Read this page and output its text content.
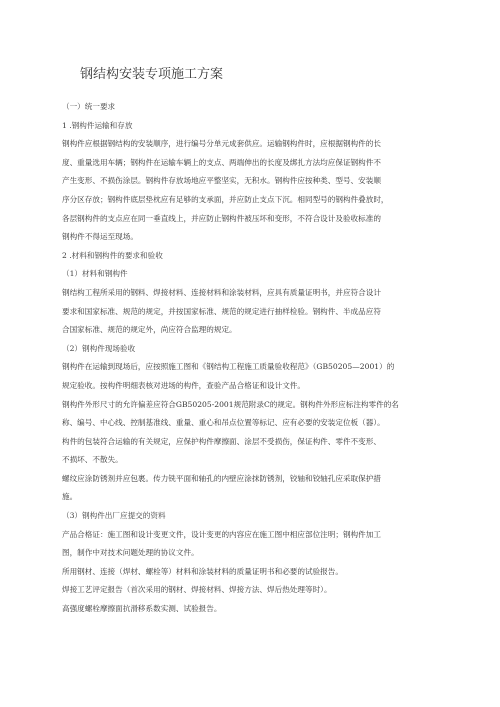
钢结构安装专项施工方案
（一）统一要求
1 .钢构件运输和存放
钢构件应根据钢结构的安装顺序，进行编号分单元成套供应。运输钢构件时，应根据钢构件的长
度、重量选用车辆；钢构件在运输车辆上的支点、两端伸出的长度及绑扎方法均应保证钢构件不
产生变形、不损伤涂层。钢构件存放场地应平整坚实，无积水。钢构件应按种类、型号、安装顺
序分区存放；钢构件底层垫枕应有足够的支承面，并应防止支点下沉。相同型号的钢构件叠放时，
各层钢构件的支点应在同一垂直线上，并应防止钢构件被压坏和变形，不符合设计及验收标准的
钢构件不得运至现场。
2 .材料和钢构件的要求和验收
（1）材料和钢构件
钢结构工程所采用的钢料、焊接材料、连接材料和涂装材料，应具有质量证明书，并应符合设计
要求和国家标准、规范的规定，并按国家标准、规范的规定进行抽样检验。钢构件、半成品应符
合国家标准、规范的规定外，尚应符合监理的规定。
（2）钢构件现场验收
钢构件在运输到现场后，应按照施工图和《钢结构工程施工质量验收程范》（GB50205—2001）的
规定验收。按构件明细表核对进场的构件，查验产品合格证和设计文件。
钢构件外形尺寸的允许偏差应符合GB50205-2001规范附录C的规定。钢构件外形应标注构零件的名
称、编号、中心线、控制基准线、重量、重心和吊点位置等标记、应有必要的安装定位板（器）。
构件的包装符合运输的有关规定，应保护构件摩擦面、涂层不受损伤，保证构件、零件不变形、
不损坏、不散失。
螺纹应涂防锈剂并应包裹。传力铣平面和轴孔的内壁应涂抹防锈剂，铰轴和铰轴孔应采取保护措
施。
（3）钢构件出厂应提交的资料
产品合格证：施工图和设计变更文件，设计变更的内容应在施工图中相应部位注明；钢构件加工
图，制作中对技术问题处理的协议文件。
所用钢材、连接（焊材、螺栓等）材料和涂装材料的质量证明书和必要的试验报告。
焊接工艺评定报告（首次采用的钢材、焊接材料、焊接方法、焊后热处理等时）。
高强度螺栓摩擦面抗滑移系数实测、试验报告。
